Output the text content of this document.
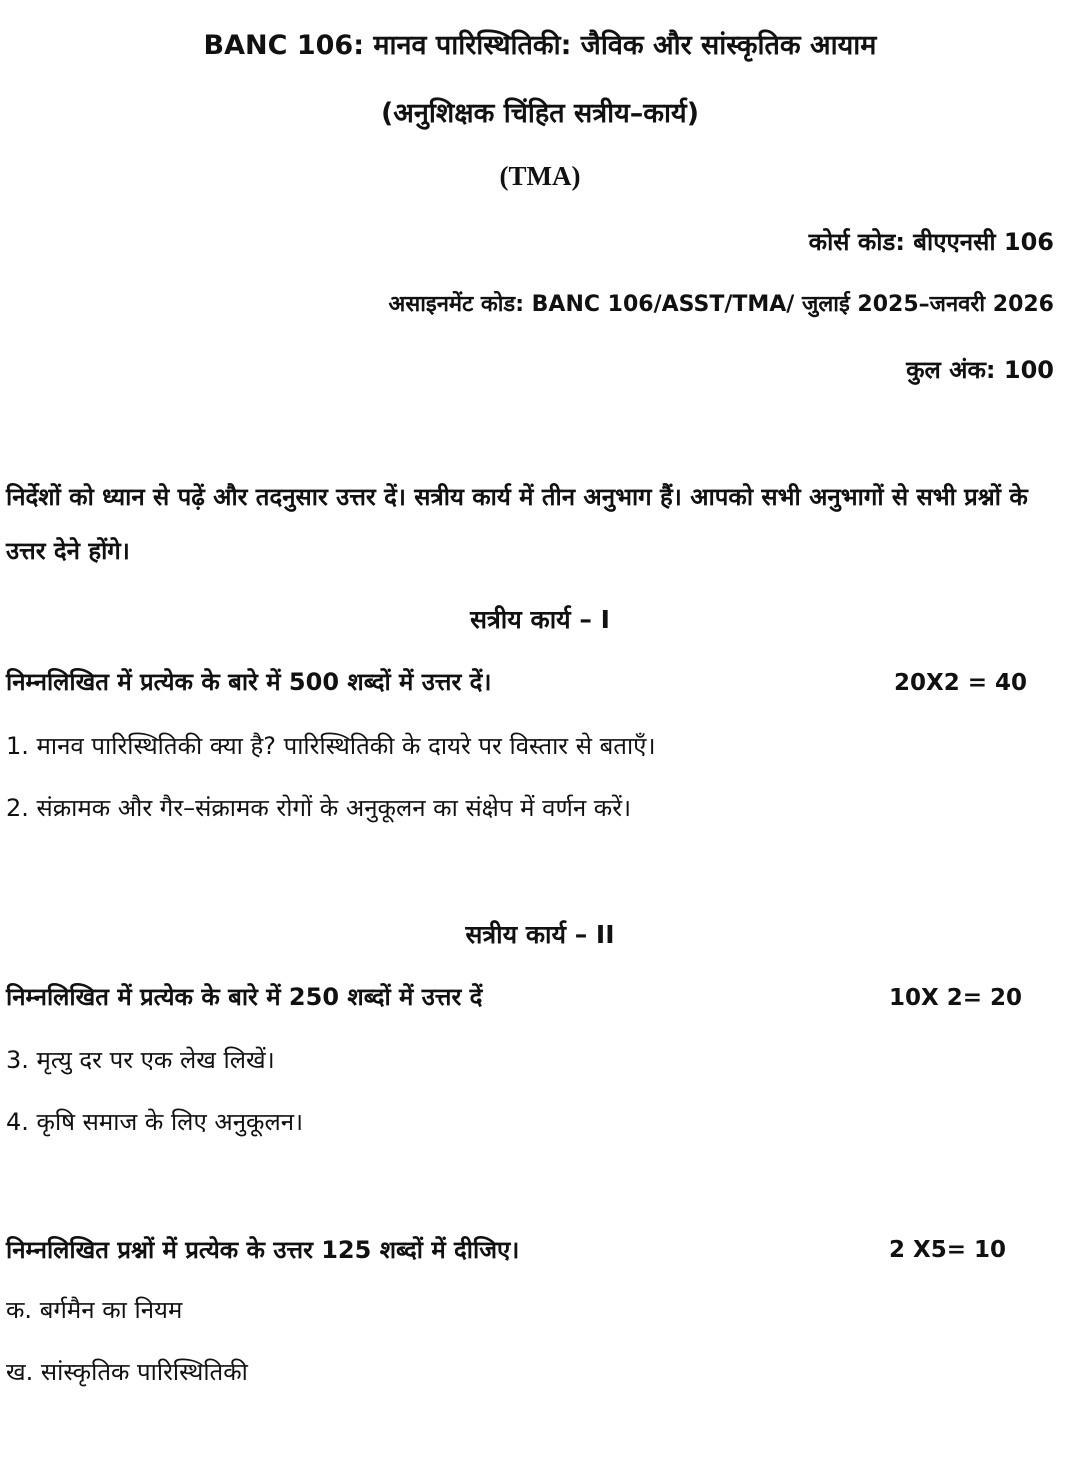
BANC 106: मानव पारिस्थितिकी: जैविक और सांस्कृतिक आयाम
(अनुशिक्षक चिंहित सत्रीय–कार्य)
(TMA)
कोर्स कोड: बीएएनसी 106
असाइनमेंट कोड: BANC 106/ASST/TMA/ जुलाई 2025–जनवरी 2026
कुल अंक: 100
निर्देशों को ध्यान से पढ़ें और तदनुसार उत्तर दें। सत्रीय कार्य में तीन अनुभाग हैं। आपको सभी अनुभागों से सभी प्रश्नों के उत्तर देने होंगे।
सत्रीय कार्य – I
निम्नलिखित में प्रत्येक के बारे में 500 शब्दों में उत्तर दें।	20X2 = 40
1. मानव पारिस्थितिकी क्या है? पारिस्थितिकी के दायरे पर विस्तार से बताएँ।
2. संक्रामक और गैर–संक्रामक रोगों के अनुकूलन का संक्षेप में वर्णन करें।
सत्रीय कार्य – II
निम्नलिखित में प्रत्येक के बारे में 250 शब्दों में उत्तर दें	10X 2= 20
3. मृत्यु दर पर एक लेख लिखें।
4. कृषि समाज के लिए अनुकूलन।
निम्नलिखित प्रश्नों में प्रत्येक के उत्तर 125 शब्दों में दीजिए।	2 X5= 10
क. बर्गमैन का नियम
ख. सांस्कृतिक पारिस्थितिकी
